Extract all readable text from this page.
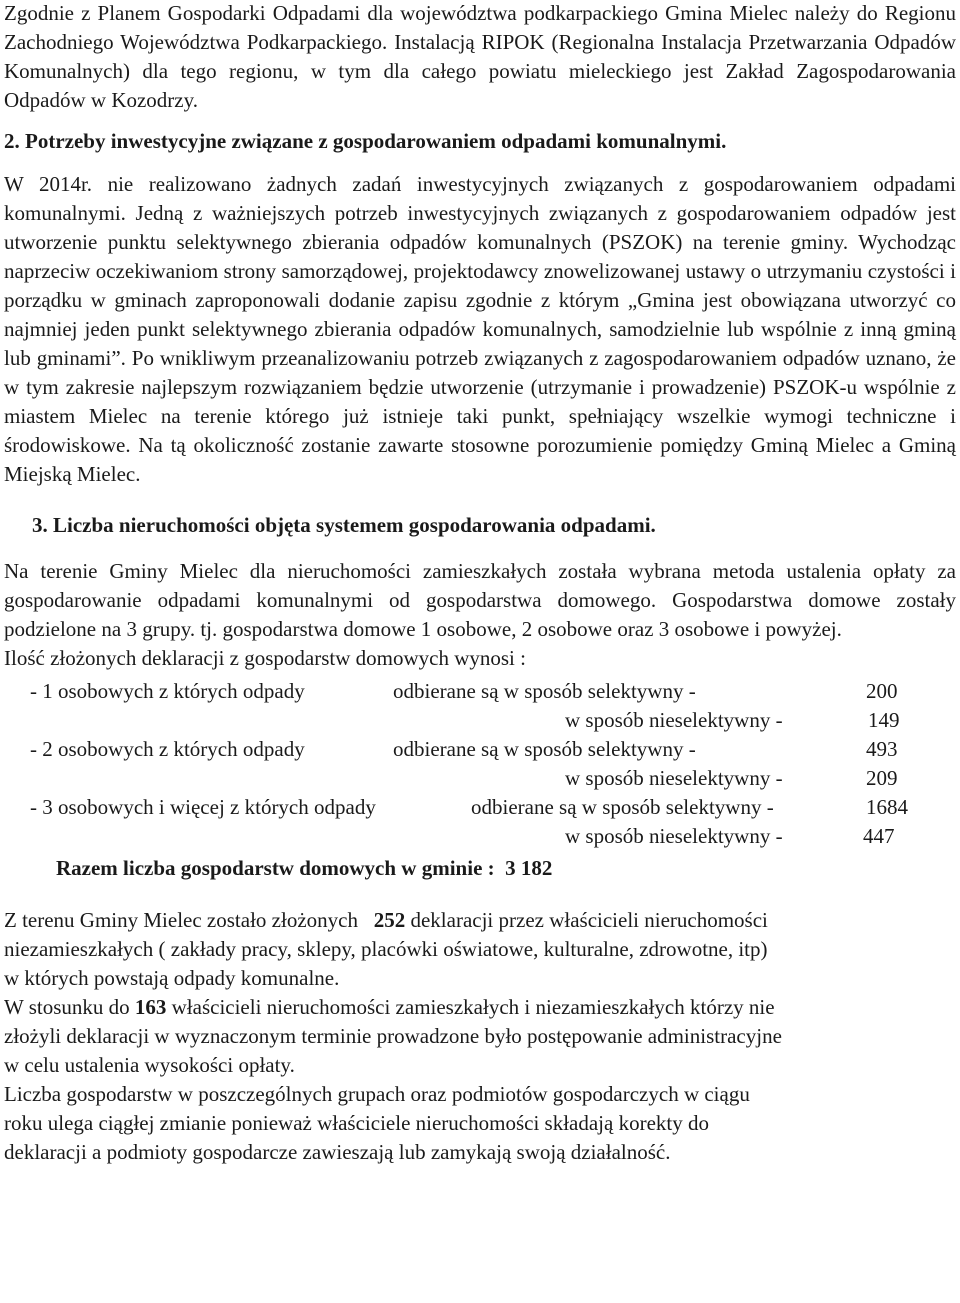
Zgodnie z Planem Gospodarki Odpadami dla województwa podkarpackiego Gmina Mielec należy do Regionu Zachodniego Województwa Podkarpackiego. Instalacją RIPOK (Regionalna Instalacja Przetwarzania Odpadów Komunalnych) dla tego regionu, w tym dla całego powiatu mieleckiego jest Zakład Zagospodarowania Odpadów w Kozodrzy.

2. Potrzeby inwestycyjne związane z gospodarowaniem odpadami komunalnymi.

W 2014r. nie realizowano żadnych zadań inwestycyjnych związanych z gospodarowaniem odpadami komunalnymi. Jedną z ważniejszych potrzeb inwestycyjnych związanych z gospodarowaniem odpadów jest utworzenie punktu selektywnego zbierania odpadów komunalnych (PSZOK) na terenie gminy. Wychodząc naprzeciw oczekiwaniom strony samorządowej, projektodawcy znowelizowanej ustawy o utrzymaniu czystości i porządku w gminach zaproponowali dodanie zapisu zgodnie z którym „Gmina jest obowiązana utworzyć co najmniej jeden punkt selektywnego zbierania odpadów komunalnych, samodzielnie lub wspólnie z inną gminą lub gminami”. Po wnikliwym przeanalizowaniu potrzeb związanych z zagospodarowaniem odpadów uznano, że w tym zakresie najlepszym rozwiązaniem będzie utworzenie (utrzymanie i prowadzenie) PSZOK-u wspólnie z miastem Mielec na terenie którego już istnieje taki punkt, spełniający wszelkie wymogi techniczne i środowiskowe. Na tą okoliczność zostanie zawarte stosowne porozumienie pomiędzy Gminą Mielec a Gminą Miejską Mielec.

3. Liczba nieruchomości objęta systemem gospodarowania odpadami.

Na terenie Gminy Mielec dla nieruchomości zamieszkałych została wybrana metoda ustalenia opłaty za gospodarowanie odpadami komunalnymi od gospodarstwa domowego. Gospodarstwa domowe zostały podzielone na 3 grupy. tj. gospodarstwa domowe 1 osobowe, 2 osobowe oraz 3 osobowe i powyżej.

Ilość złożonych deklaracji z gospodarstw domowych wynosi :

- 1 osobowych z których odpady	odbierane są w sposób selektywny -	200
w sposób nieselektywny -	149
- 2 osobowych z których odpady	odbierane są w sposób selektywny -	493
w sposób nieselektywny -	209
- 3 osobowych i więcej z których odpady	odbierane są w sposób selektywny -	1684
w sposób nieselektywny -	447

Razem liczba gospodarstw domowych w gminie : 3 182

Z terenu Gminy Mielec zostało złożonych 252 deklaracji przez właścicieli nieruchomości

niezamieszkałych ( zakłady pracy, sklepy, placówki oświatowe, kulturalne, zdrowotne, itp)

w których powstają odpady komunalne.

W stosunku do 163 właścicieli nieruchomości zamieszkałych i niezamieszkałych którzy nie

złożyli deklaracji w wyznaczonym terminie prowadzone było postępowanie administracyjne

w celu ustalenia wysokości opłaty.

Liczba gospodarstw w poszczególnych grupach oraz podmiotów gospodarczych w ciągu

roku ulega ciągłej zmianie ponieważ właściciele nieruchomości składają korekty do

deklaracji a podmioty gospodarcze zawieszają lub zamykają swoją działalność.
